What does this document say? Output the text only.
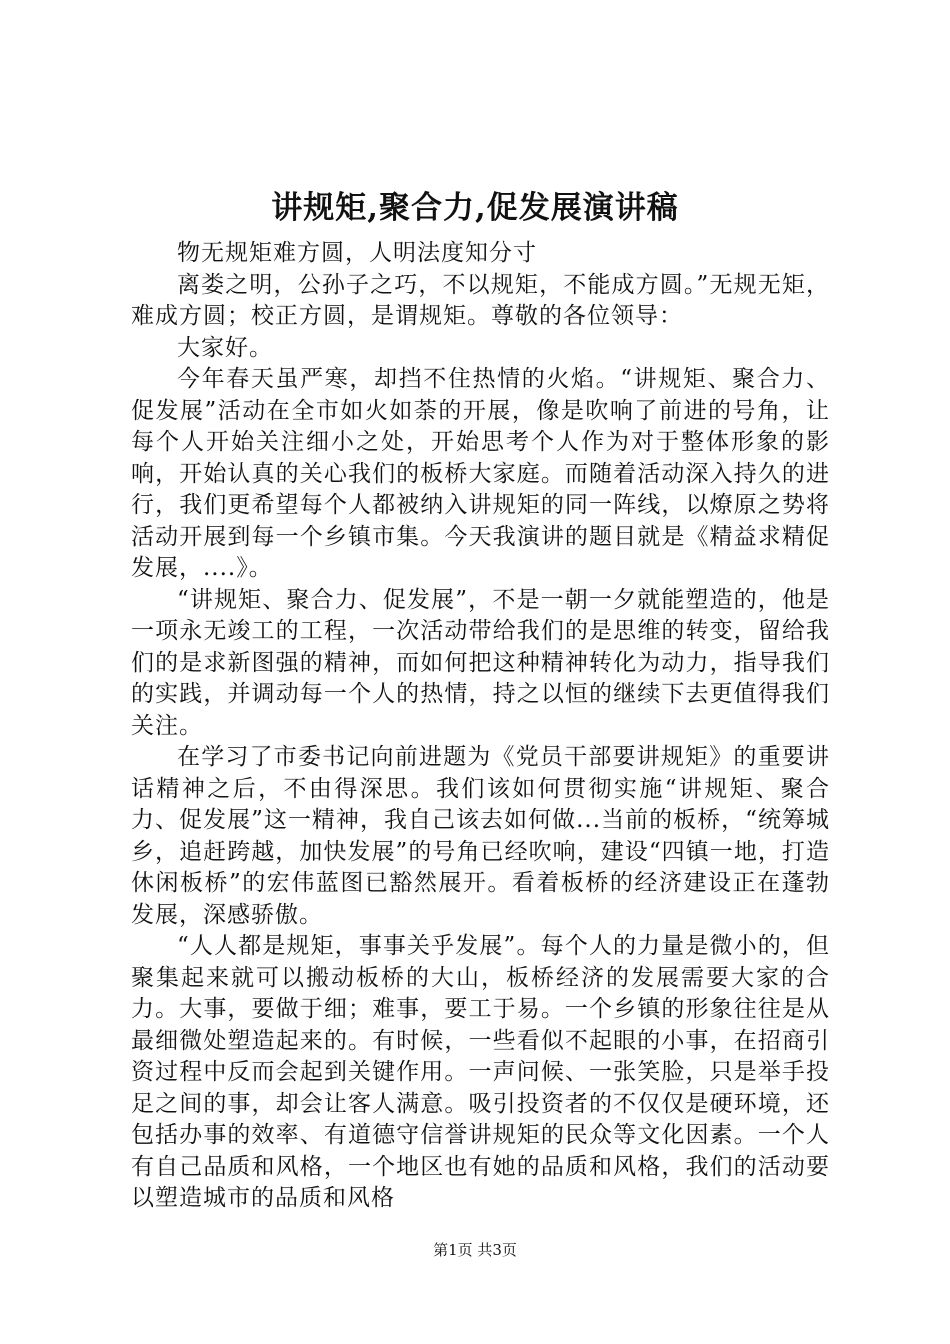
讲规矩,聚合力,促发展演讲稿

物无规矩难方圆，人明法度知分寸

离娄之明，公孙子之巧，不以规矩，不能成方圆。”无规无矩，难成方圆；校正方圆，是谓规矩。尊敬的各位领导：

大家好。

今年春天虽严寒，却挡不住热情的火焰。“讲规矩、聚合力、促发展”活动在全市如火如荼的开展，像是吹响了前进的号角，让每个人开始关注细小之处，开始思考个人作为对于整体形象的影响，开始认真的关心我们的板桥大家庭。而随着活动深入持久的进行，我们更希望每个人都被纳入讲规矩的同一阵线，以燎原之势将活动开展到每一个乡镇市集。今天我演讲的题目就是《精益求精促发展，....》。

“讲规矩、聚合力、促发展”，不是一朝一夕就能塑造的，他是一项永无竣工的工程，一次活动带给我们的是思维的转变，留给我们的是求新图强的精神，而如何把这种精神转化为动力，指导我们的实践，并调动每一个人的热情，持之以恒的继续下去更值得我们关注。

在学习了市委书记向前进题为《党员干部要讲规矩》的重要讲话精神之后，不由得深思。我们该如何贯彻实施“讲规矩、聚合力、促发展”这一精神，我自己该去如何做...当前的板桥，“统筹城乡，追赶跨越，加快发展”的号角已经吹响，建设“四镇一地，打造休闲板桥”的宏伟蓝图已豁然展开。看着板桥的经济建设正在蓬勃发展，深感骄傲。

“人人都是规矩，事事关乎发展”。每个人的力量是微小的，但聚集起来就可以搬动板桥的大山，板桥经济的发展需要大家的合力。大事，要做于细；难事，要工于易。一个乡镇的形象往往是从最细微处塑造起来的。有时候，一些看似不起眼的小事，在招商引资过程中反而会起到关键作用。一声问候、一张笑脸，只是举手投足之间的事，却会让客人满意。吸引投资者的不仅仅是硬环境，还包括办事的效率、有道德守信誉讲规矩的民众等文化因素。一个人有自己品质和风格，一个地区也有她的品质和风格，我们的活动要以塑造城市的品质和风格

第1页 共3页
